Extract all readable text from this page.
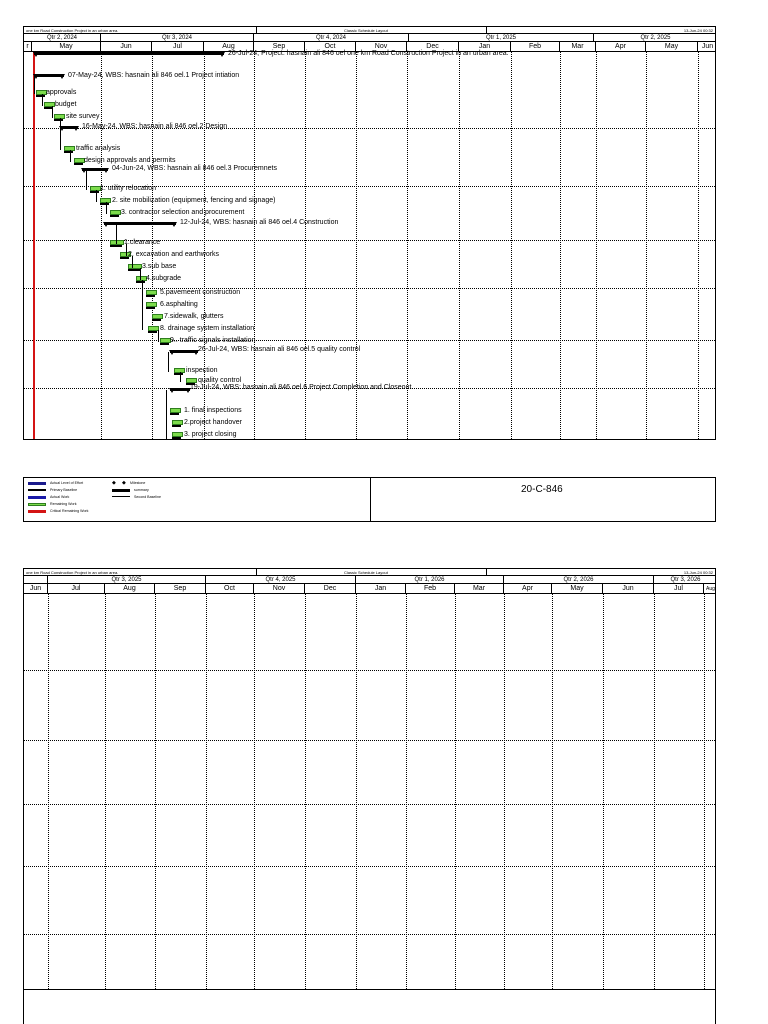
one km Road Construction Project in an urban area.	Classic Schedule Layout	13-Jun-24 00:32
Qtr 2, 2024	Qtr 3, 2024	Qtr 4, 2024	Qtr 1, 2025	Qtr 2, 2025
r	May	Jun	Jul	Aug	Sep	Oct	Nov	Dec	Jan	Feb	Mar	Apr	May	Jun
26-Jul-24, Project: hasnain ali 846 oel one km Road Construction Project in an urban area.
07-May-24, WBS: hasnain ali 846 oel.1 Project intiation
approvals
budget
site survey
16-May-24, WBS: hasnain ali 846 oel.2 Design
traffic analysis
design approvals and permits
04-Jun-24, WBS: hasnain ali 846 oel.3 Procuremnets
1. utility relocation
2. site mobilization (equipment, fencing and signage)
3. contractor selection and procurement
12-Jul-24, WBS: hasnain ali 846 oel.4 Construction
1.clearance
2. excavation and earthworks
3.sub base
4.subgrade
5.pavemeent construction
6.asphalting
7.sidewalk, glutters
8. drainage system installation
9.. traffic signals installation
26-Jul-24, WBS: hasnain ali 846 oel.5 quality control
inspection
quality control
19-Jul-24, WBS: hasnain ali 846 oel.6 Project Completion and Closeout
1. final inspections
2.project handover
3. project closing
Actual Level of Effort
Primary Baseline
Actual Work
Remaining Work
Critical Remaining Work
◆ ◆ Milestone
summary
Second Baseline
20-C-846
one km Road Construction Project in an urban area.	Classic Schedule Layout	13-Jun-24 00:32
Qtr 3, 2025	Qtr 4, 2025	Qtr 1, 2026	Qtr 2, 2026	Qtr 3, 2026
Jun	Jul	Aug	Sep	Oct	Nov	Dec	Jan	Feb	Mar	Apr	May	Jun	Jul	Aug
